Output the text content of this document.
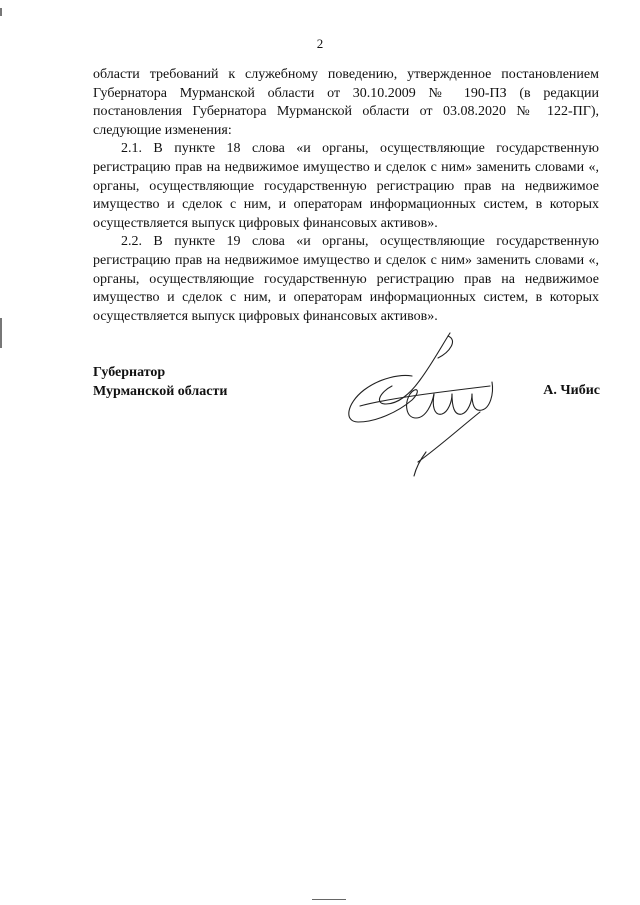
2

области требований к служебному поведению, утвержденное постановлением Губернатора Мурманской области от 30.10.2009 № 190-ПЗ (в редакции постановления Губернатора Мурманской области от 03.08.2020 № 122-ПГ), следующие изменения:

2.1. В пункте 18 слова «и органы, осуществляющие государственную регистрацию прав на недвижимое имущество и сделок с ним» заменить словами «, органы, осуществляющие государственную регистрацию прав на недвижимое имущество и сделок с ним, и операторам информационных систем, в которых осуществляется выпуск цифровых финансовых активов».

2.2. В пункте 19 слова «и органы, осуществляющие государственную регистрацию прав на недвижимое имущество и сделок с ним» заменить словами «, органы, осуществляющие государственную регистрацию прав на недвижимое имущество и сделок с ним, и операторам информационных систем, в которых осуществляется выпуск цифровых финансовых активов».

Губернатор
Мурманской области	А. Чибис
